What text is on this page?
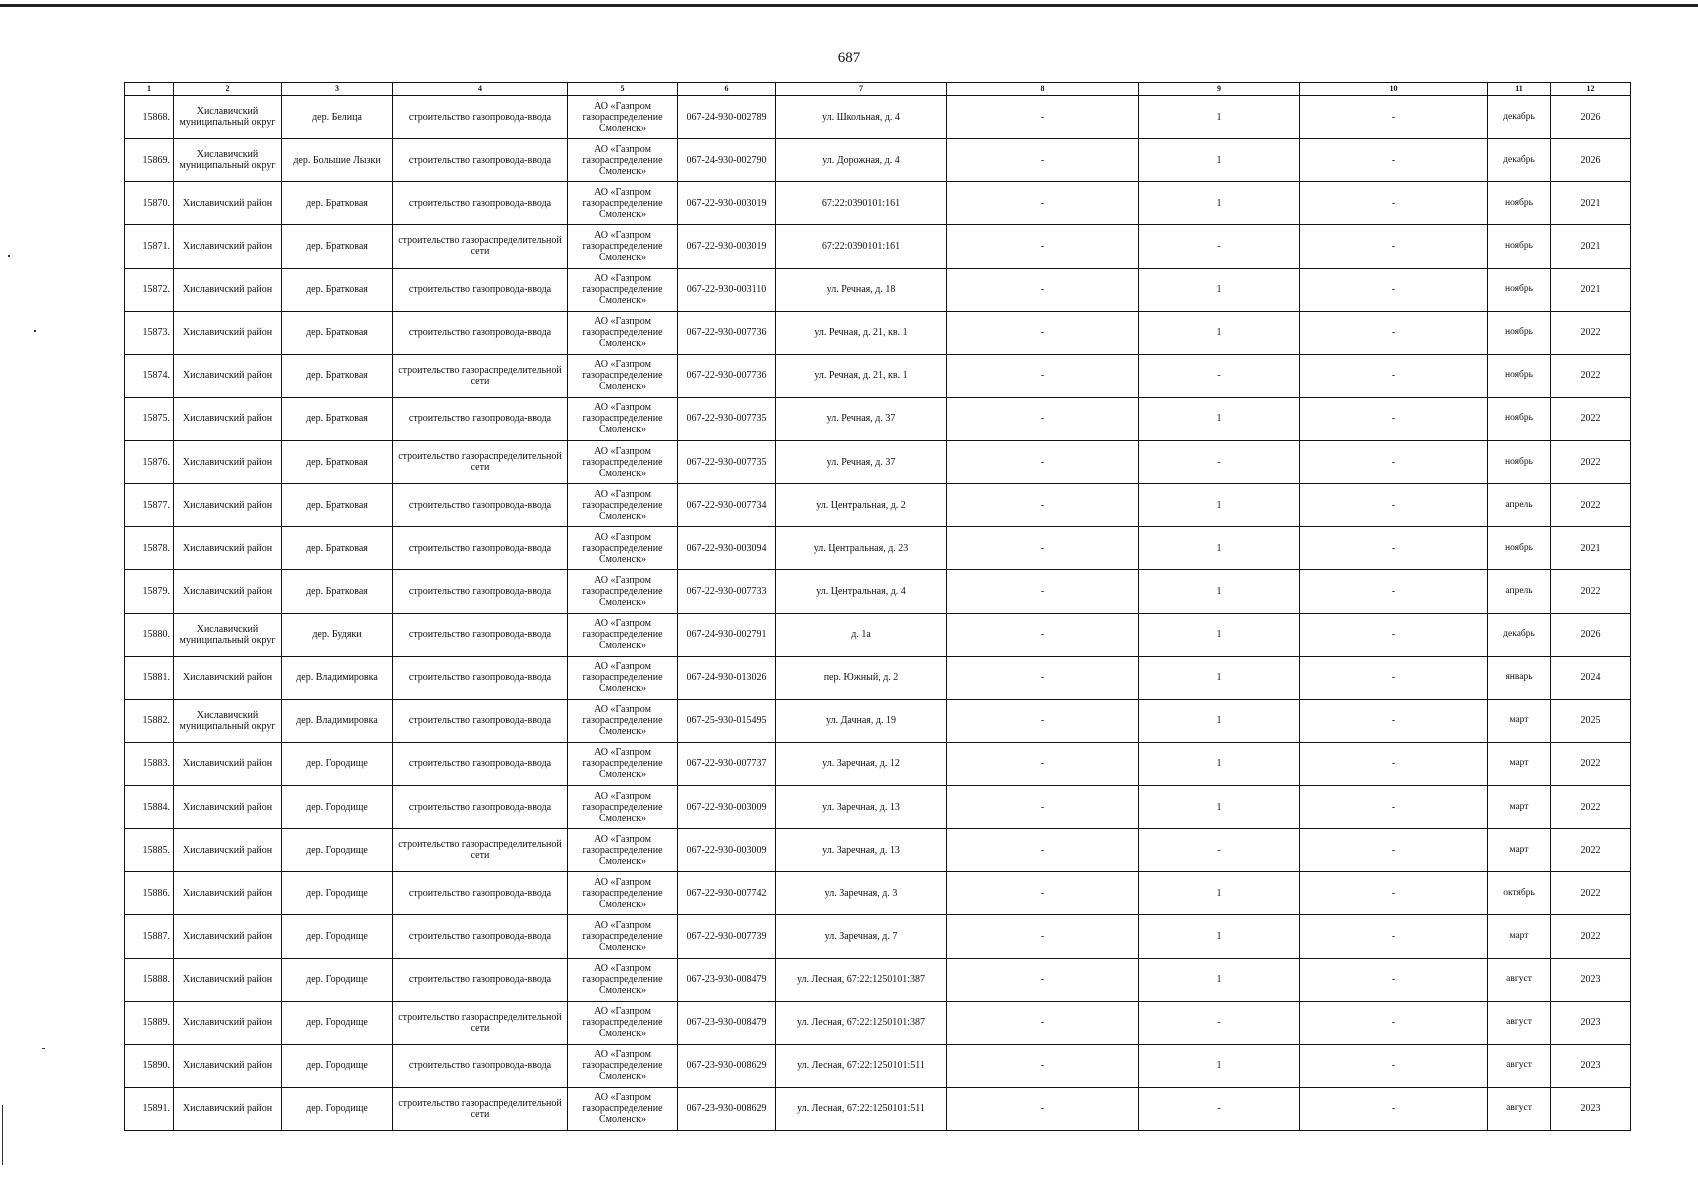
687
1	2	3	4	5	6	7	8	9	10	11	12
15868.	Хиславичский муниципальный округ	дер. Белица	строительство газопровода-ввода	АО «Газпром газораспределение Смоленск»	067-24-930-002789	ул. Школьная, д. 4	-	1	-	декабрь	2026
15869.	Хиславичский муниципальный округ	дер. Большие Лызки	строительство газопровода-ввода	АО «Газпром газораспределение Смоленск»	067-24-930-002790	ул. Дорожная, д. 4	-	1	-	декабрь	2026
15870.	Хиславичский район	дер. Братковая	строительство газопровода-ввода	АО «Газпром газораспределение Смоленск»	067-22-930-003019	67:22:0390101:161	-	1	-	ноябрь	2021
15871.	Хиславичский район	дер. Братковая	строительство газораспределительной сети	АО «Газпром газораспределение Смоленск»	067-22-930-003019	67:22:0390101:161	-	-	-	ноябрь	2021
15872.	Хиславичский район	дер. Братковая	строительство газопровода-ввода	АО «Газпром газораспределение Смоленск»	067-22-930-003110	ул. Речная, д. 18	-	1	-	ноябрь	2021
15873.	Хиславичский район	дер. Братковая	строительство газопровода-ввода	АО «Газпром газораспределение Смоленск»	067-22-930-007736	ул. Речная, д. 21, кв. 1	-	1	-	ноябрь	2022
15874.	Хиславичский район	дер. Братковая	строительство газораспределительной сети	АО «Газпром газораспределение Смоленск»	067-22-930-007736	ул. Речная, д. 21, кв. 1	-	-	-	ноябрь	2022
15875.	Хиславичский район	дер. Братковая	строительство газопровода-ввода	АО «Газпром газораспределение Смоленск»	067-22-930-007735	ул. Речная, д. 37	-	1	-	ноябрь	2022
15876.	Хиславичский район	дер. Братковая	строительство газораспределительной сети	АО «Газпром газораспределение Смоленск»	067-22-930-007735	ул. Речная, д. 37	-	-	-	ноябрь	2022
15877.	Хиславичский район	дер. Братковая	строительство газопровода-ввода	АО «Газпром газораспределение Смоленск»	067-22-930-007734	ул. Центральная, д. 2	-	1	-	апрель	2022
15878.	Хиславичский район	дер. Братковая	строительство газопровода-ввода	АО «Газпром газораспределение Смоленск»	067-22-930-003094	ул. Центральная, д. 23	-	1	-	ноябрь	2021
15879.	Хиславичский район	дер. Братковая	строительство газопровода-ввода	АО «Газпром газораспределение Смоленск»	067-22-930-007733	ул. Центральная, д. 4	-	1	-	апрель	2022
15880.	Хиславичский муниципальный округ	дер. Будяки	строительство газопровода-ввода	АО «Газпром газораспределение Смоленск»	067-24-930-002791	д. 1а	-	1	-	декабрь	2026
15881.	Хиславичский район	дер. Владимировка	строительство газопровода-ввода	АО «Газпром газораспределение Смоленск»	067-24-930-013026	пер. Южный, д. 2	-	1	-	январь	2024
15882.	Хиславичский муниципальный округ	дер. Владимировка	строительство газопровода-ввода	АО «Газпром газораспределение Смоленск»	067-25-930-015495	ул. Дачная, д. 19	-	1	-	март	2025
15883.	Хиславичский район	дер. Городище	строительство газопровода-ввода	АО «Газпром газораспределение Смоленск»	067-22-930-007737	ул. Заречная, д. 12	-	1	-	март	2022
15884.	Хиславичский район	дер. Городище	строительство газопровода-ввода	АО «Газпром газораспределение Смоленск»	067-22-930-003009	ул. Заречная, д. 13	-	1	-	март	2022
15885.	Хиславичский район	дер. Городище	строительство газораспределительной сети	АО «Газпром газораспределение Смоленск»	067-22-930-003009	ул. Заречная, д. 13	-	-	-	март	2022
15886.	Хиславичский район	дер. Городище	строительство газопровода-ввода	АО «Газпром газораспределение Смоленск»	067-22-930-007742	ул. Заречная, д. 3	-	1	-	октябрь	2022
15887.	Хиславичский район	дер. Городище	строительство газопровода-ввода	АО «Газпром газораспределение Смоленск»	067-22-930-007739	ул. Заречная, д. 7	-	1	-	март	2022
15888.	Хиславичский район	дер. Городище	строительство газопровода-ввода	АО «Газпром газораспределение Смоленск»	067-23-930-008479	ул. Лесная, 67:22:1250101:387	-	1	-	август	2023
15889.	Хиславичский район	дер. Городище	строительство газораспределительной сети	АО «Газпром газораспределение Смоленск»	067-23-930-008479	ул. Лесная, 67:22:1250101:387	-	-	-	август	2023
15890.	Хиславичский район	дер. Городище	строительство газопровода-ввода	АО «Газпром газораспределение Смоленск»	067-23-930-008629	ул. Лесная, 67:22:1250101:511	-	1	-	август	2023
15891.	Хиславичский район	дер. Городище	строительство газораспределительной сети	АО «Газпром газораспределение Смоленск»	067-23-930-008629	ул. Лесная, 67:22:1250101:511	-	-	-	август	2023
